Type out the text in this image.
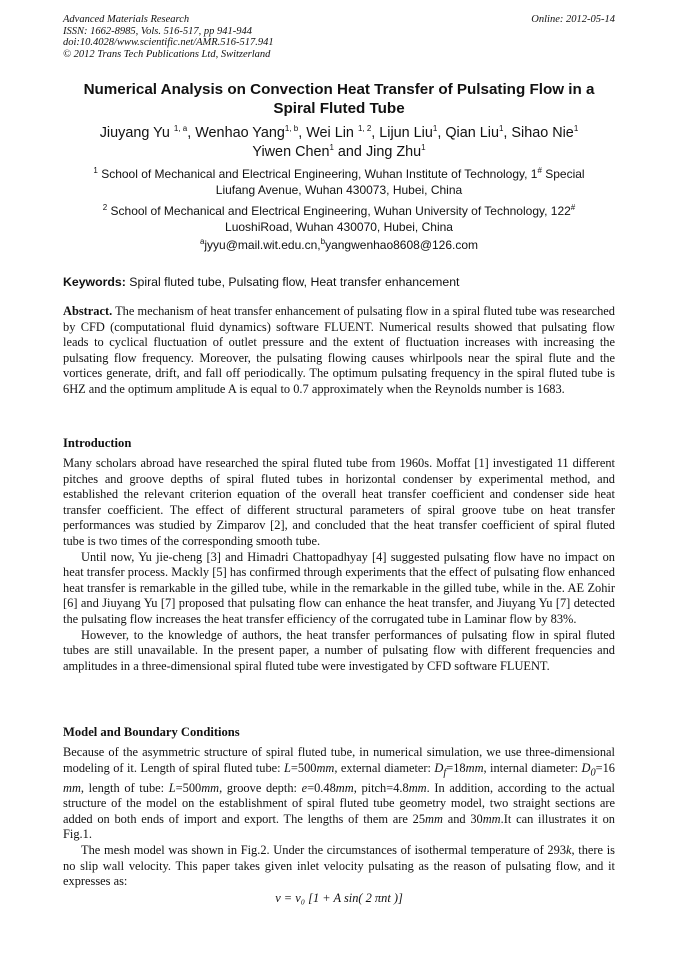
Advanced Materials Research	Online: 2012-05-14
ISSN: 1662-8985, Vols. 516-517, pp 941-944
doi:10.4028/www.scientific.net/AMR.516-517.941
© 2012 Trans Tech Publications Ltd, Switzerland
Numerical Analysis on Convection Heat Transfer of Pulsating Flow in a
Spiral Fluted Tube
Jiuyang Yu $^{1, a}$, Wenhao Yang$^{1, b}$, Wei Lin $^{1, 2}$, Lijun Liu$^1$, Qian Liu$^1$, Sihao Nie$^1$
Yiwen Chen$^1$ and Jing Zhu$^1$
$^1$ School of Mechanical and Electrical Engineering, Wuhan Institute of Technology, 1# Special
Liufang Avenue, Wuhan 430073, Hubei, China
$^2$ School of Mechanical and Electrical Engineering, Wuhan University of Technology, 122#
LuoshiRoad, Wuhan 430070, Hubei, China
$^a$jyyu@mail.wit.edu.cn,$^b$yangwenhao8608@126.com
Keywords: Spiral fluted tube, Pulsating flow, Heat transfer enhancement
Abstract. The mechanism of heat transfer enhancement of pulsating flow in a spiral fluted tube was researched by CFD (computational fluid dynamics) software FLUENT. Numerical results showed that pulsating flow leads to cyclical fluctuation of outlet pressure and the extent of fluctuation increases with increasing the pulsating flow frequency. Moreover, the pulsating flowing causes whirlpools near the spiral flute and the vortices generate, drift, and fall off periodically. The optimum pulsating frequency in the spiral fluted tube is 6HZ and the optimum amplitude A is equal to 0.7 approximately when the Reynolds number is 1683.
Introduction

Many scholars abroad have researched the spiral fluted tube from 1960s. Moffat [1] investigated 11 different pitches and groove depths of spiral fluted tubes in horizontal condenser by experimental method, and established the relevant criterion equation of the overall heat transfer coefficient and condenser side heat transfer coefficient. The effect of different structural parameters of spiral groove tube on heat transfer performances was studied by Zimparov [2], and concluded that the heat transfer coefficient of spiral fluted tube is two times of the corresponding smooth tube.

Until now, Yu jie-cheng [3] and Himadri Chattopadhyay [4] suggested pulsating flow have no impact on heat transfer process. Mackly [5] has confirmed through experiments that the effect of pulsating flow enhanced heat transfer is remarkable in the gilled tube, while in the remarkable in the gilled tube, while in the. AE Zohir [6] and Jiuyang Yu [7] proposed that pulsating flow can enhance the heat transfer, and Jiuyang Yu [7] detected the pulsating flow increases the heat transfer efficiency of the corrugated tube in Laminar flow by 83%.

However, to the knowledge of authors, the heat transfer performances of pulsating flow in spiral fluted tubes are still unavailable. In the present paper, a number of pulsating flow with different frequencies and amplitudes in a three-dimensional spiral fluted tube were investigated by CFD software FLUENT.

Model and Boundary Conditions

Because of the asymmetric structure of spiral fluted tube, in numerical simulation, we use three-dimensional modeling of it. Length of spiral fluted tube: L=500mm, external diameter: $D_f=18mm$, internal diameter: $D_0=16$ mm, length of tube: L=500mm, groove depth: e=0.48mm, pitch=4.8mm. In addition, according to the actual structure of the model on the establishment of spiral fluted tube geometry model, two straight sections are added on both ends of import and export. The lengths of them are 25mm and 30mm.It can illustrates it on Fig.1.

The mesh model was shown in Fig.2. Under the circumstances of isothermal temperature of 293k, there is no slip wall velocity. This paper takes given inlet velocity pulsating as the reason of pulsating flow, and it expresses as:

v = v₀ [1 + A sin( 2 πnt )]
